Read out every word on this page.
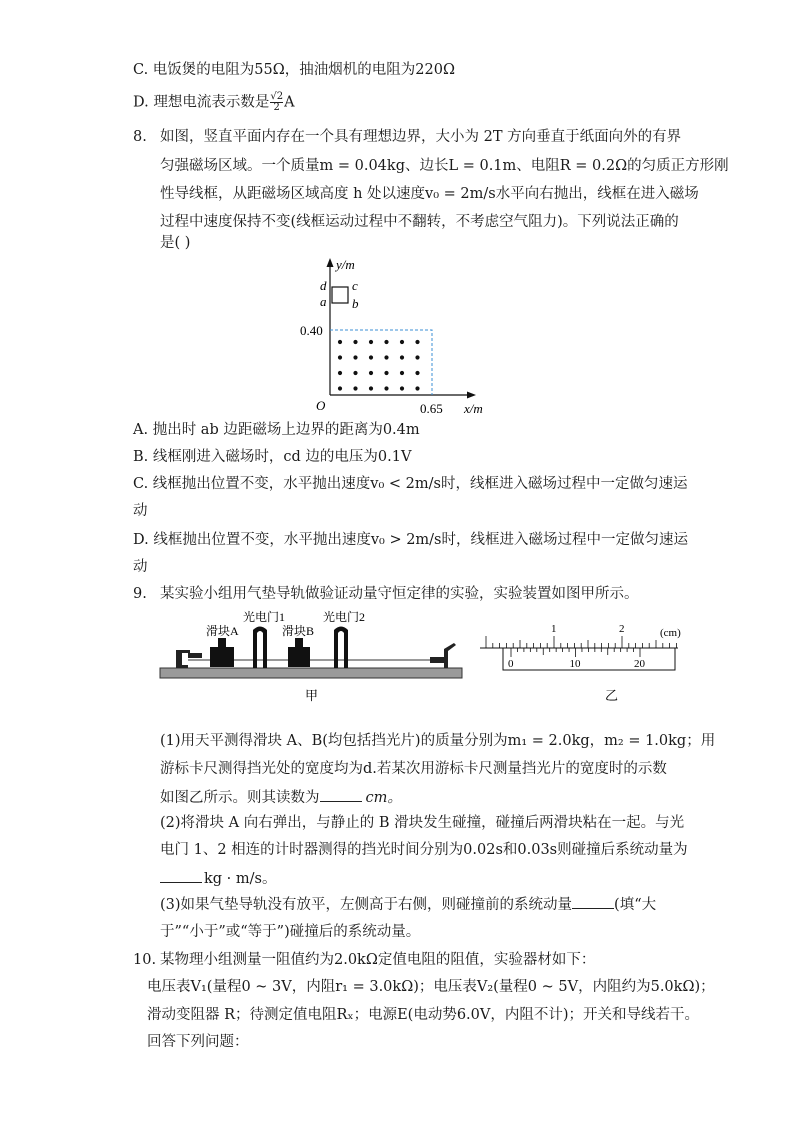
C. 电饭煲的电阻为55Ω，抽油烟机的电阻为220Ω
D. 理想电流表示数是 $\frac{√2}{2}$ A
8. 如图，竖直平面内存在一个具有理想边界，大小为 2T 方向垂直于纸面向外的有界
匀强磁场区域。一个质量m = 0.04kg、边长L = 0.1m、电阻R = 0.2Ω的匀质正方形刚
性导线框，从距磁场区域高度 h 处以速度v₀ = 2m/s水平向右抛出，线框在进入磁场
过程中速度保持不变(线框运动过程中不翻转，不考虑空气阻力)。下列说法正确的
是( )
y/m
x/m
O
0.40
0.65
d c
a b
A. 抛出时 ab 边距磁场上边界的距离为0.4m
B. 线框刚进入磁场时，cd 边的电压为0.1V
C. 线框抛出位置不变，水平抛出速度v₀ < 2m/s时，线框进入磁场过程中一定做匀速运
动
D. 线框抛出位置不变，水平抛出速度v₀ > 2m/s时，线框进入磁场过程中一定做匀速运
动
9. 某实验小组用气垫导轨做验证动量守恒定律的实验，实验装置如图甲所示。
光电门1	光电门2
滑块A	滑块B
甲
(cm)
1	2
0	10	20
乙
(1)用天平测得滑块 A、B(均包括挡光片)的质量分别为m₁ = 2.0kg，m₂ = 1.0kg；用
游标卡尺测得挡光处的宽度均为d.若某次用游标卡尺测量挡光片的宽度时的示数
如图乙所示。则其读数为	cm。
(2)将滑块 A 向右弹出，与静止的 B 滑块发生碰撞，碰撞后两滑块粘在一起。与光
电门 1、2 相连的计时器测得的挡光时间分别为0.02s和0.03s则碰撞后系统动量为
kg · m/s。
(3)如果气垫导轨没有放平，左侧高于右侧，则碰撞前的系统动量	(填“大
于”“小于”或“等于”)碰撞后的系统动量。
10. 某物理小组测量一阻值约为2.0kΩ定值电阻的阻值，实验器材如下：
电压表V₁(量程0 ~ 3V，内阻r₁ = 3.0kΩ)；电压表V₂(量程0 ~ 5V，内阻约为5.0kΩ)；
滑动变阻器 R；待测定值电阻Rₓ；电源E(电动势6.0V，内阻不计)；开关和导线若干。
回答下列问题：
